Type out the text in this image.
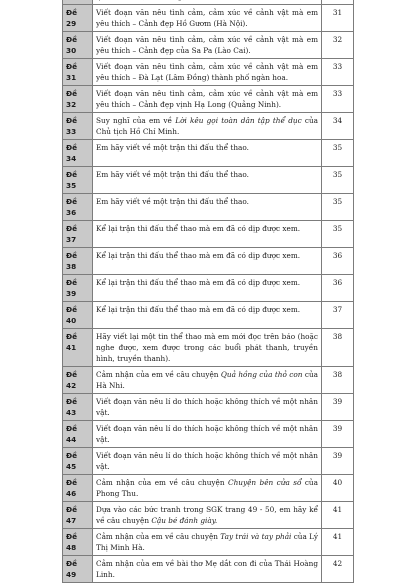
Đề 29	Viết đoạn văn nêu tình cảm, cảm xúc về cảnh vật mà em yêu thích – Cảnh đẹp Hồ Gươm (Hà Nội).	31
Đề 30	Viết đoạn văn nêu tình cảm, cảm xúc về cảnh vật mà em yêu thích – Cảnh đẹp của Sa Pa (Lào Cai).	32
Đề 31	Viết đoạn văn nêu tình cảm, cảm xúc về cảnh vật mà em yêu thích – Đà Lạt (Lâm Đồng) thành phố ngàn hoa.	33
Đề 32	Viết đoạn văn nêu tình cảm, cảm xúc về cảnh vật mà em yêu thích – Cảnh đẹp vịnh Hạ Long (Quảng Ninh).	33
Đề 33	Suy nghĩ của em về Lời kêu gọi toàn dân tập thể dục của Chủ tịch Hồ Chí Minh.	34
Đề 34	Em hãy viết về một trận thi đấu thể thao.	35
Đề 35	Em hãy viết về một trận thi đấu thể thao.	35
Đề 36	Em hãy viết về một trận thi đấu thể thao.	35
Đề 37	Kể lại trận thi đấu thể thao mà em đã có dịp được xem.	35
Đề 38	Kể lại trận thi đấu thể thao mà em đã có dịp được xem.	36
Đề 39	Kể lại trận thi đấu thể thao mà em đã có dịp được xem.	36
Đề 40	Kể lại trận thi đấu thể thao mà em đã có dịp được xem.	37
Đề 41	Hãy viết lại một tin thể thao mà em mới đọc trên báo (hoặc nghe được, xem được trong các buổi phát thanh, truyền hình, truyền thanh).	38
Đề 42	Cảm nhận của em về câu chuyện Quả hồng của thỏ con của Hà Nhi.	38
Đề 43	Viết đoạn văn nêu lí do thích hoặc không thích về một nhân vật.	39
Đề 44	Viết đoạn văn nêu lí do thích hoặc không thích về một nhân vật.	39
Đề 45	Viết đoạn văn nêu lí do thích hoặc không thích về một nhân vật.	39
Đề 46	Cảm nhận của em về câu chuyện Chuyện bên cửa sổ của Phong Thu.	40
Đề 47	Dựa vào các bức tranh trong SGK trang 49 - 50, em hãy kể về câu chuyện Cậu bé đánh giày.	41
Đề 48	Cảm nhận của em về câu chuyện Tay trái và tay phải của Lý Thị Minh Hà.	41
Đề 49	Cảm nhận của em về bài thơ Mẹ dắt con đi của Thái Hoàng Linh.	42
